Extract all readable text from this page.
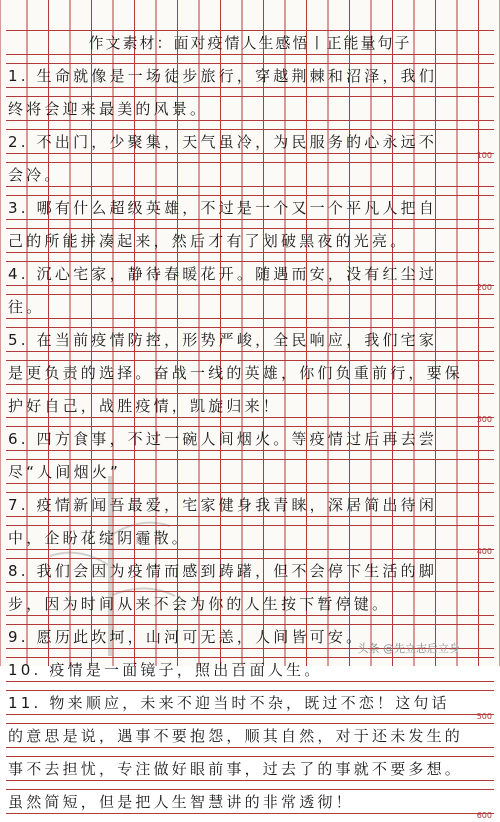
作文素材：面对疫情人生感悟丨正能量句子
1. 生命就像是一场徒步旅行，穿越荆棘和沼泽，我们
终将会迎来最美的风景。
2. 不出门，少聚集，天气虽冷，为民服务的心永远不
100
会冷。
3. 哪有什么超级英雄，不过是一个又一个平凡人把自
己的所能拼凑起来，然后才有了划破黑夜的光亮。
4. 沉心宅家，静待春暖花开。随遇而安，没有红尘过
200
往。
5. 在当前疫情防控，形势严峻，全民响应，我们宅家
是更负责的选择。奋战一线的英雄，你们负重前行，要保
护好自己，战胜疫情，凯旋归来！
300
6. 四方食事，不过一碗人间烟火。等疫情过后再去尝
尽“人间烟火”
7. 疫情新闻吾最爱，宅家健身我青睐，深居简出待闲
中，企盼花绽阴霾散。
400
8. 我们会因为疫情而感到踌躇，但不会停下生活的脚
步，因为时间从来不会为你的人生按下暂停键。
9. 愿历此坎坷，山河可无恙，人间皆可安。
10. 疫情是一面镜子，照出百面人生。
11. 物来顺应，未来不迎当时不杂，既过不恋！这句话
500
的意思是说，遇事不要抱怨，顺其自然，对于还未发生的
事不去担忧，专注做好眼前事，过去了的事就不要多想。
虽然简短，但是把人生智慧讲的非常透彻！
600
头条 @先立志后立身
